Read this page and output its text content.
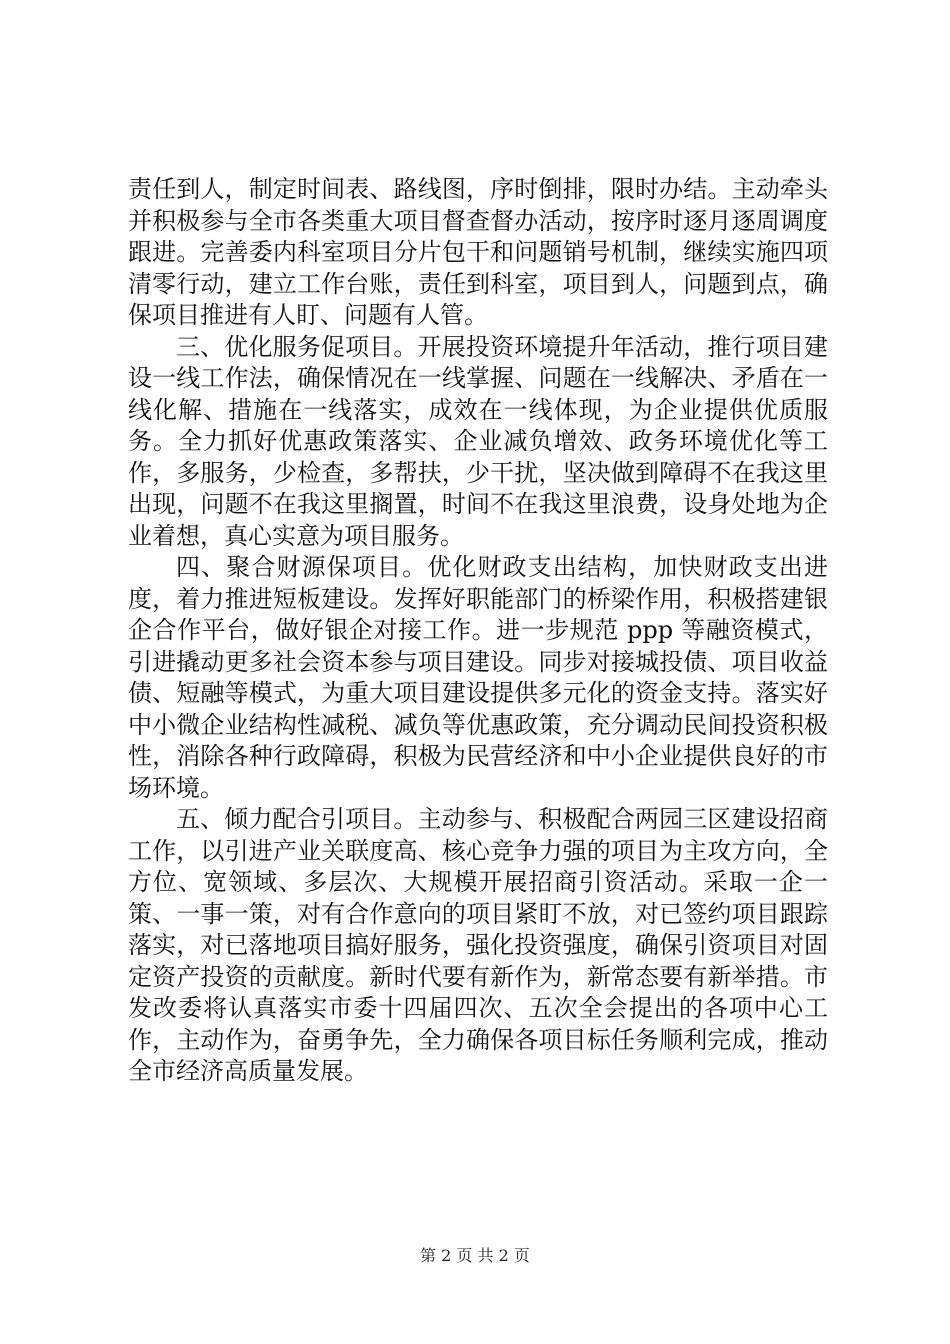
责任到人，制定时间表、路线图，序时倒排，限时办结。主动牵头并积极参与全市各类重大项目督查督办活动，按序时逐月逐周调度跟进。完善委内科室项目分片包干和问题销号机制，继续实施四项清零行动，建立工作台账，责任到科室，项目到人，问题到点，确保项目推进有人盯、问题有人管。

三、优化服务促项目。开展投资环境提升年活动，推行项目建设一线工作法，确保情况在一线掌握、问题在一线解决、矛盾在一线化解、措施在一线落实，成效在一线体现，为企业提供优质服务。全力抓好优惠政策落实、企业减负增效、政务环境优化等工作，多服务，少检查，多帮扶，少干扰，坚决做到障碍不在我这里出现，问题不在我这里搁置，时间不在我这里浪费，设身处地为企业着想，真心实意为项目服务。

四、聚合财源保项目。优化财政支出结构，加快财政支出进度，着力推进短板建设。发挥好职能部门的桥梁作用，积极搭建银企合作平台，做好银企对接工作。进一步规范 ppp 等融资模式，引进撬动更多社会资本参与项目建设。同步对接城投债、项目收益债、短融等模式，为重大项目建设提供多元化的资金支持。落实好中小微企业结构性减税、减负等优惠政策，充分调动民间投资积极性，消除各种行政障碍，积极为民营经济和中小企业提供良好的市场环境。

五、倾力配合引项目。主动参与、积极配合两园三区建设招商工作，以引进产业关联度高、核心竞争力强的项目为主攻方向，全方位、宽领域、多层次、大规模开展招商引资活动。采取一企一策、一事一策，对有合作意向的项目紧盯不放，对已签约项目跟踪落实，对已落地项目搞好服务，强化投资强度，确保引资项目对固定资产投资的贡献度。新时代要有新作为，新常态要有新举措。市发改委将认真落实市委十四届四次、五次全会提出的各项中心工作，主动作为，奋勇争先，全力确保各项目标任务顺利完成，推动全市经济高质量发展。

第 2 页 共 2 页
